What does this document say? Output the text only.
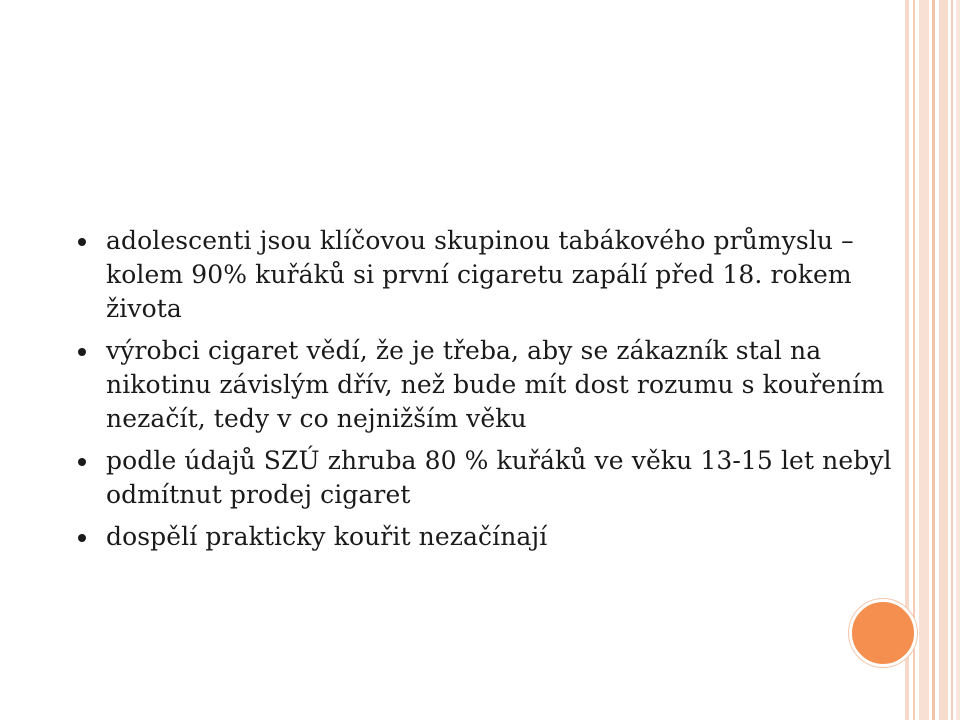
adolescenti jsou klíčovou skupinou tabákového průmyslu – kolem 90% kuřáků si první cigaretu zapálí před 18. rokem života
výrobci cigaret vědí, že je třeba, aby se zákazník stal na nikotinu závislým dřív, než bude mít dost rozumu s kouřením nezačít, tedy v co nejnižším věku
podle údajů SZÚ zhruba 80 % kuřáků ve věku 13-15 let nebyl odmítnut prodej cigaret
dospělí prakticky kouřit nezačínají
